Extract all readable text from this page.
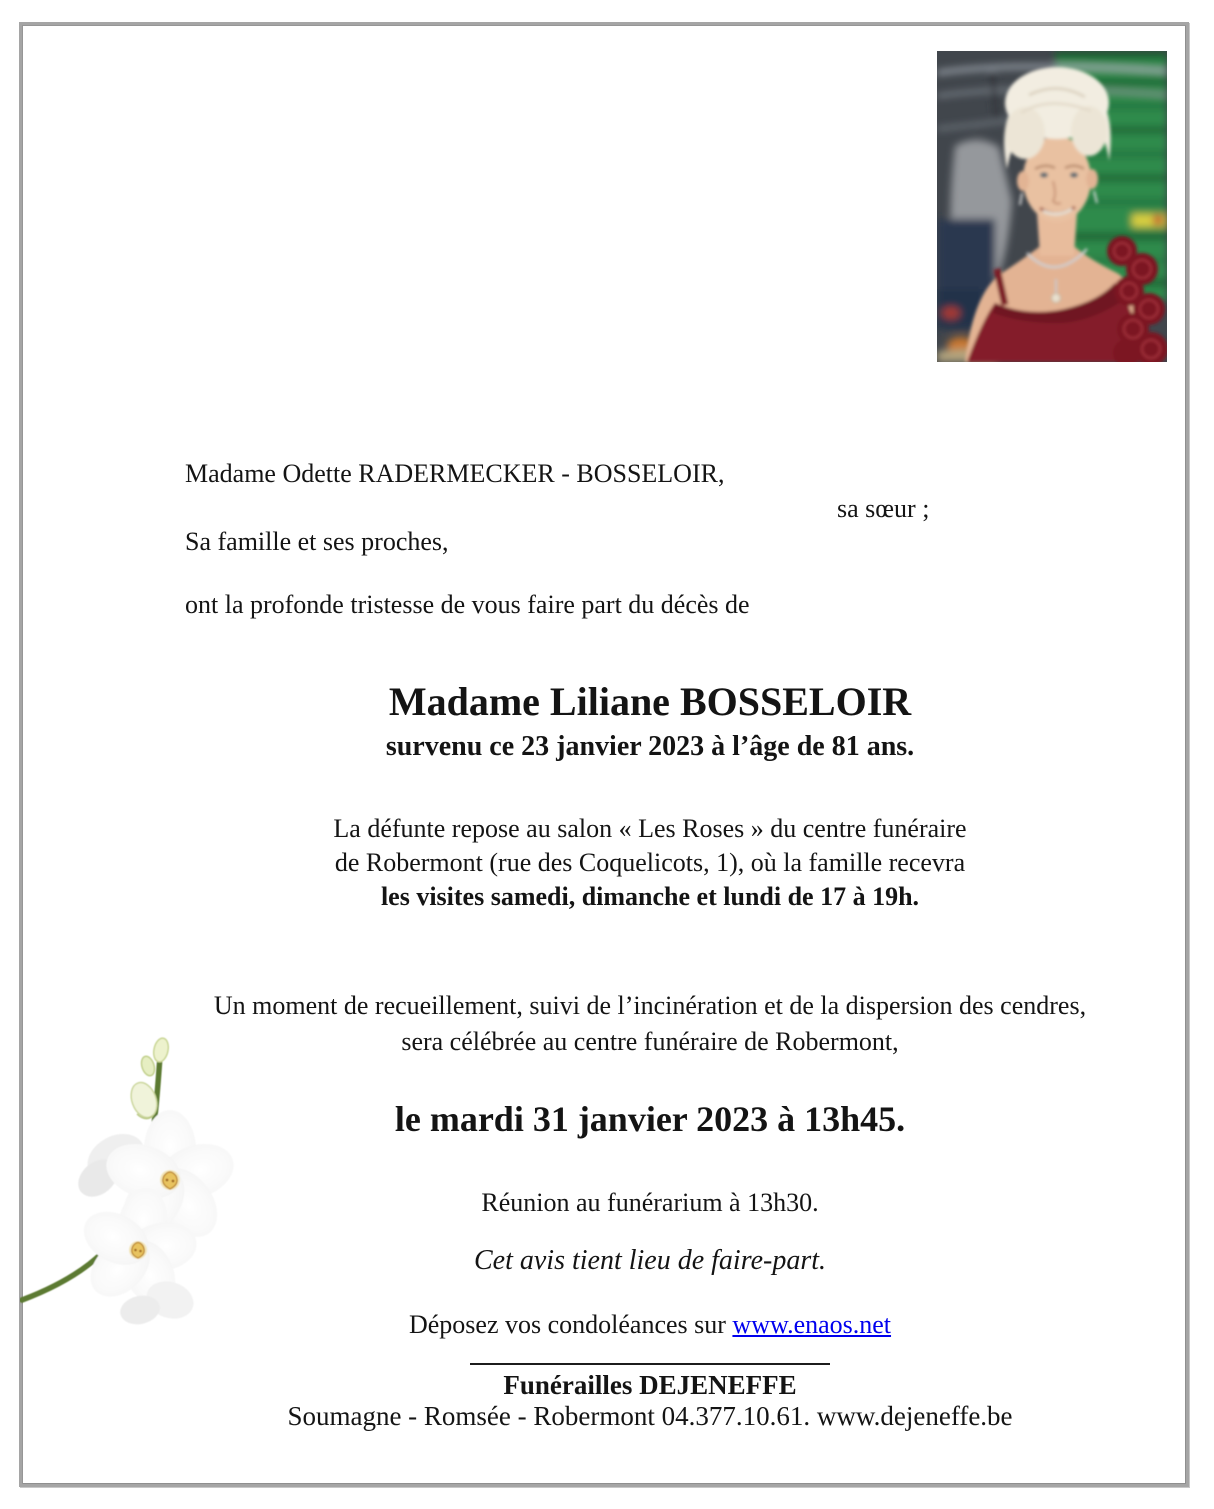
Madame Odette RADERMECKER - BOSSELOIR,
sa sœur ;
Sa famille et ses proches,
ont la profonde tristesse de vous faire part du décès de
Madame Liliane BOSSELOIR
survenu ce 23 janvier 2023 à l’âge de 81 ans.
La défunte repose au salon « Les Roses » du centre funéraire
de Robermont (rue des Coquelicots, 1), où la famille recevra
les visites samedi, dimanche et lundi de 17 à 19h.
Un moment de recueillement, suivi de l’incinération et de la dispersion des cendres,
sera célébrée au centre funéraire de Robermont,
le mardi 31 janvier 2023 à 13h45.
Réunion au funérarium à 13h30.
Cet avis tient lieu de faire-part.
Déposez vos condoléances sur www.enaos.net
Funérailles DEJENEFFE
Soumagne - Romsée - Robermont 04.377.10.61. www.dejeneffe.be
